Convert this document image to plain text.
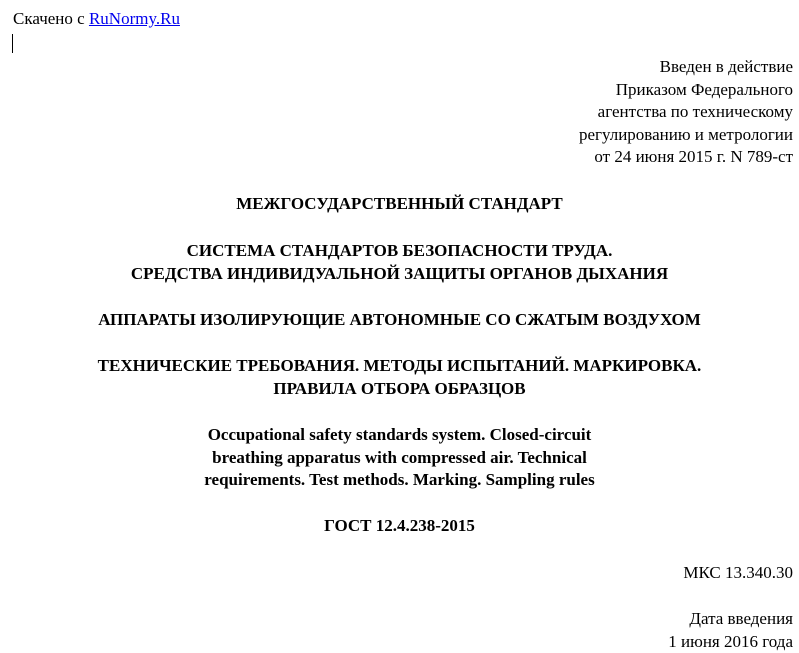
Скачено с RuNormy.Ru
Введен в действие
Приказом Федерального
агентства по техническому
регулированию и метрологии
от 24 июня 2015 г. N 789-ст
МЕЖГОСУДАРСТВЕННЫЙ СТАНДАРТ
СИСТЕМА СТАНДАРТОВ БЕЗОПАСНОСТИ ТРУДА.
СРЕДСТВА ИНДИВИДУАЛЬНОЙ ЗАЩИТЫ ОРГАНОВ ДЫХАНИЯ
АППАРАТЫ ИЗОЛИРУЮЩИЕ АВТОНОМНЫЕ СО СЖАТЫМ ВОЗДУХОМ
ТЕХНИЧЕСКИЕ ТРЕБОВАНИЯ. МЕТОДЫ ИСПЫТАНИЙ. МАРКИРОВКА.
ПРАВИЛА ОТБОРА ОБРАЗЦОВ
Occupational safety standards system. Closed-circuit
breathing apparatus with compressed air. Technical
requirements. Test methods. Marking. Sampling rules
ГОСТ 12.4.238-2015
МКС 13.340.30
Дата введения
1 июня 2016 года
